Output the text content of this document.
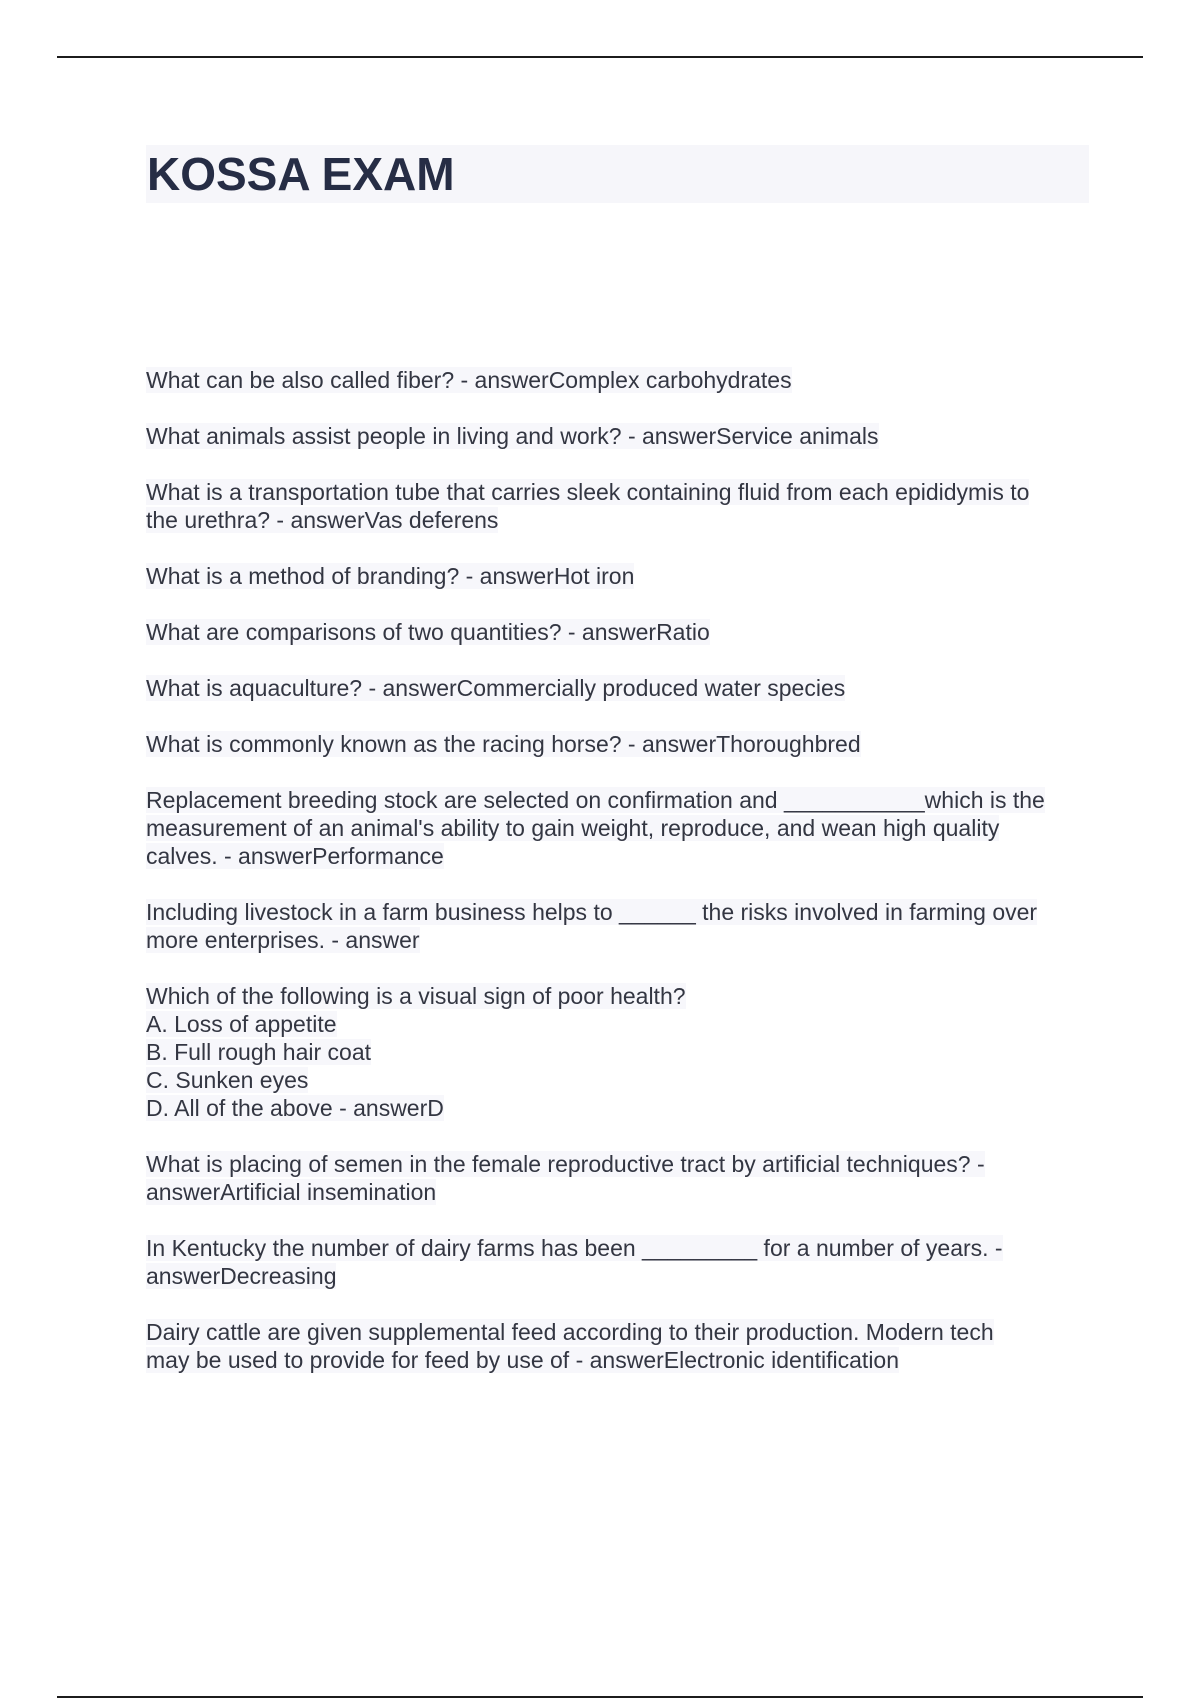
KOSSA EXAM
What can be also called fiber? - answerComplex carbohydrates
What animals assist people in living and work? - answerService animals
What is a transportation tube that carries sleek containing fluid from each epididymis to
the urethra? - answerVas deferens
What is a method of branding? - answerHot iron
What are comparisons of two quantities? - answerRatio
What is aquaculture? - answerCommercially produced water species
What is commonly known as the racing horse? - answerThoroughbred
Replacement breeding stock are selected on confirmation and ___________which is the
measurement of an animal's ability to gain weight, reproduce, and wean high quality
calves. - answerPerformance
Including livestock in a farm business helps to ______ the risks involved in farming over
more enterprises. - answer
Which of the following is a visual sign of poor health?
A. Loss of appetite
B. Full rough hair coat
C. Sunken eyes
D. All of the above - answerD
What is placing of semen in the female reproductive tract by artificial techniques? -
answerArtificial insemination
In Kentucky the number of dairy farms has been _________ for a number of years. -
answerDecreasing
Dairy cattle are given supplemental feed according to their production. Modern tech
may be used to provide for feed by use of - answerElectronic identification
